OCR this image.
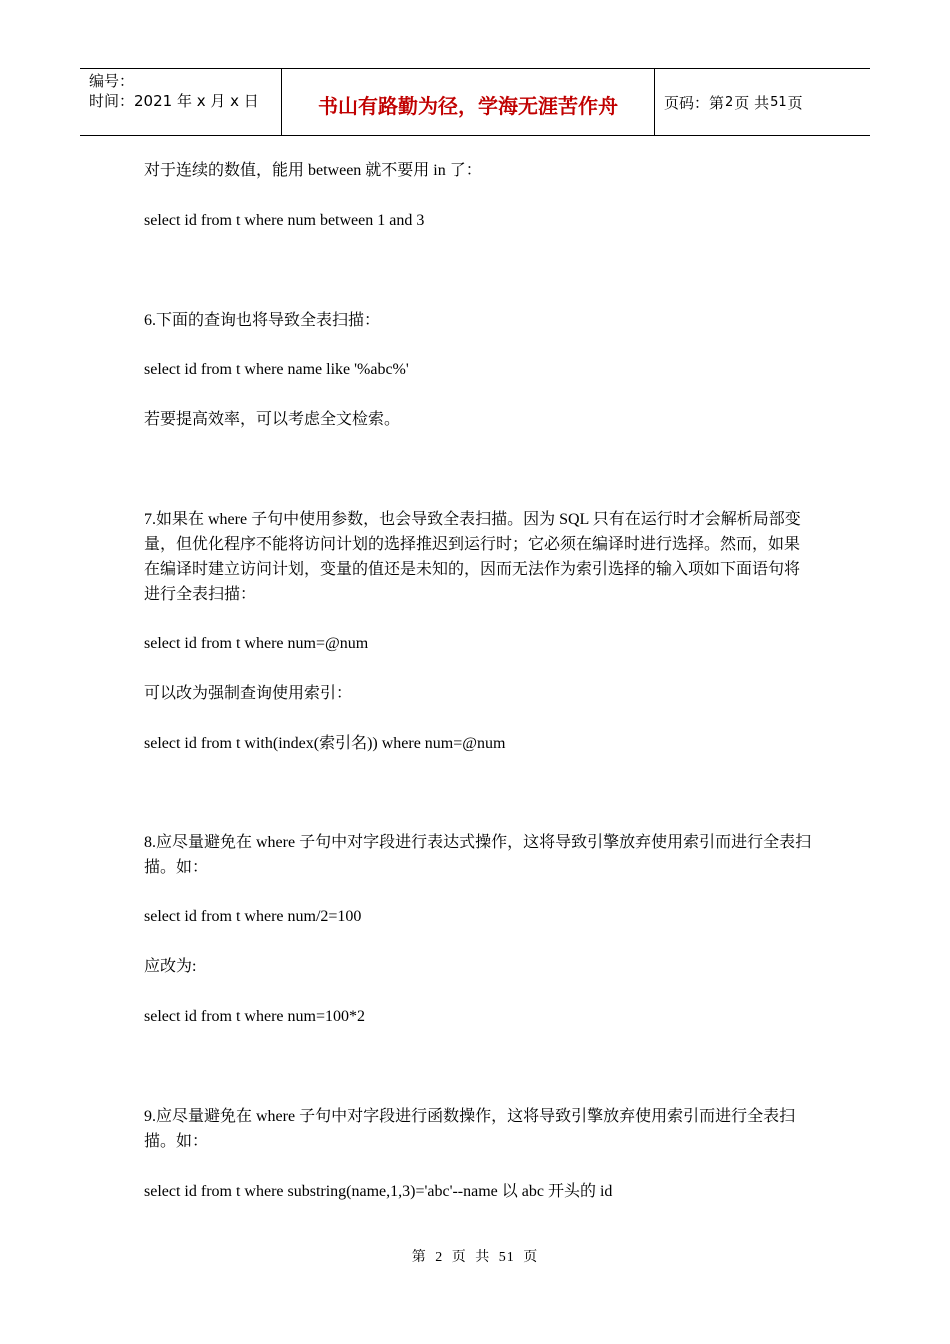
编号：
时间：2021 年 x 月 x 日	书山有路勤为径，学海无涯苦作舟	页码：第 2 页 共 51 页
对于连续的数值，能用 between 就不要用 in 了：
select id from t where num between 1 and 3
6.下面的查询也将导致全表扫描：
select id from t where name like '%abc%'
若要提高效率，可以考虑全文检索。
7.如果在 where 子句中使用参数，也会导致全表扫描。因为 SQL 只有在运行时才会解析局部变量，但优化程序不能将访问计划的选择推迟到运行时；它必须在编译时进行选择。然而，如果在编译时建立访问计划，变量的值还是未知的，因而无法作为索引选择的输入项如下面语句将进行全表扫描：
select id from t where num=@num
可以改为强制查询使用索引：
select id from t with(index(索引名)) where num=@num
8.应尽量避免在 where 子句中对字段进行表达式操作，这将导致引擎放弃使用索引而进行全表扫描。如：
select id from t where num/2=100
应改为:
select id from t where num=100*2
9.应尽量避免在 where 子句中对字段进行函数操作，这将导致引擎放弃使用索引而进行全表扫描。如：
select id from t where substring(name,1,3)='abc'--name 以 abc 开头的 id
第 2 页 共 51 页
